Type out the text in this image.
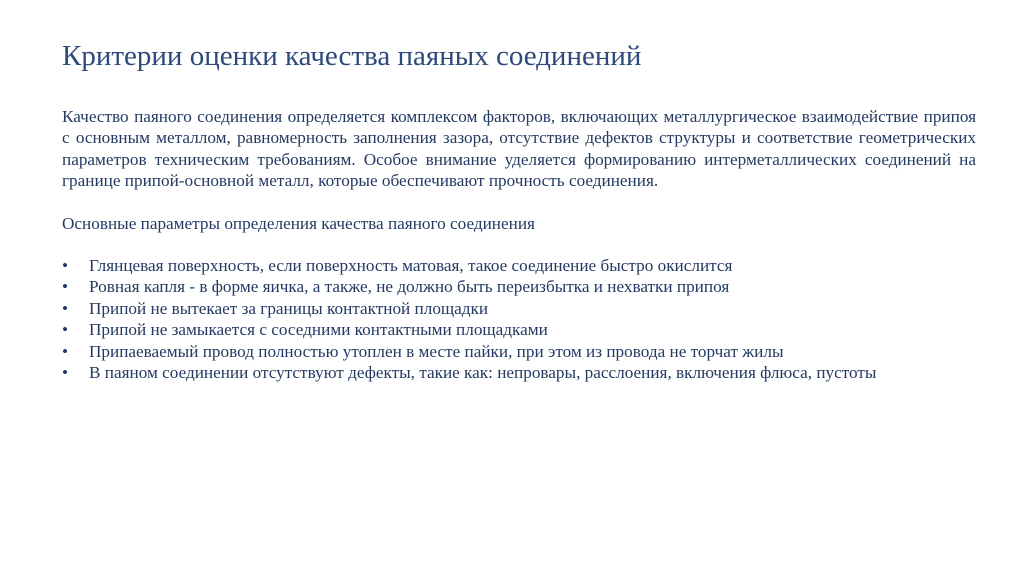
Критерии оценки качества паяных соединений

Качество паяного соединения определяется комплексом факторов, включающих металлургическое взаимодействие припоя с основным металлом, равномерность заполнения зазора, отсутствие дефектов структуры и соответствие геометрических параметров техническим требованиям. Особое внимание уделяется формированию интерметаллических соединений на границе припой-основной металл, которые обеспечивают прочность соединения.

Основные параметры определения качества паяного соединения

• Глянцевая поверхность, если поверхность матовая, такое соединение быстро окислится
• Ровная капля - в форме яичка, а также, не должно быть переизбытка и нехватки припоя
• Припой не вытекает за границы контактной площадки
• Припой не замыкается с соседними контактными площадками
• Припаеваемый провод полностью утоплен в месте пайки, при этом из провода не торчат жилы
• В паяном соединении отсутствуют дефекты, такие как: непровары, расслоения, включения флюса, пустоты
